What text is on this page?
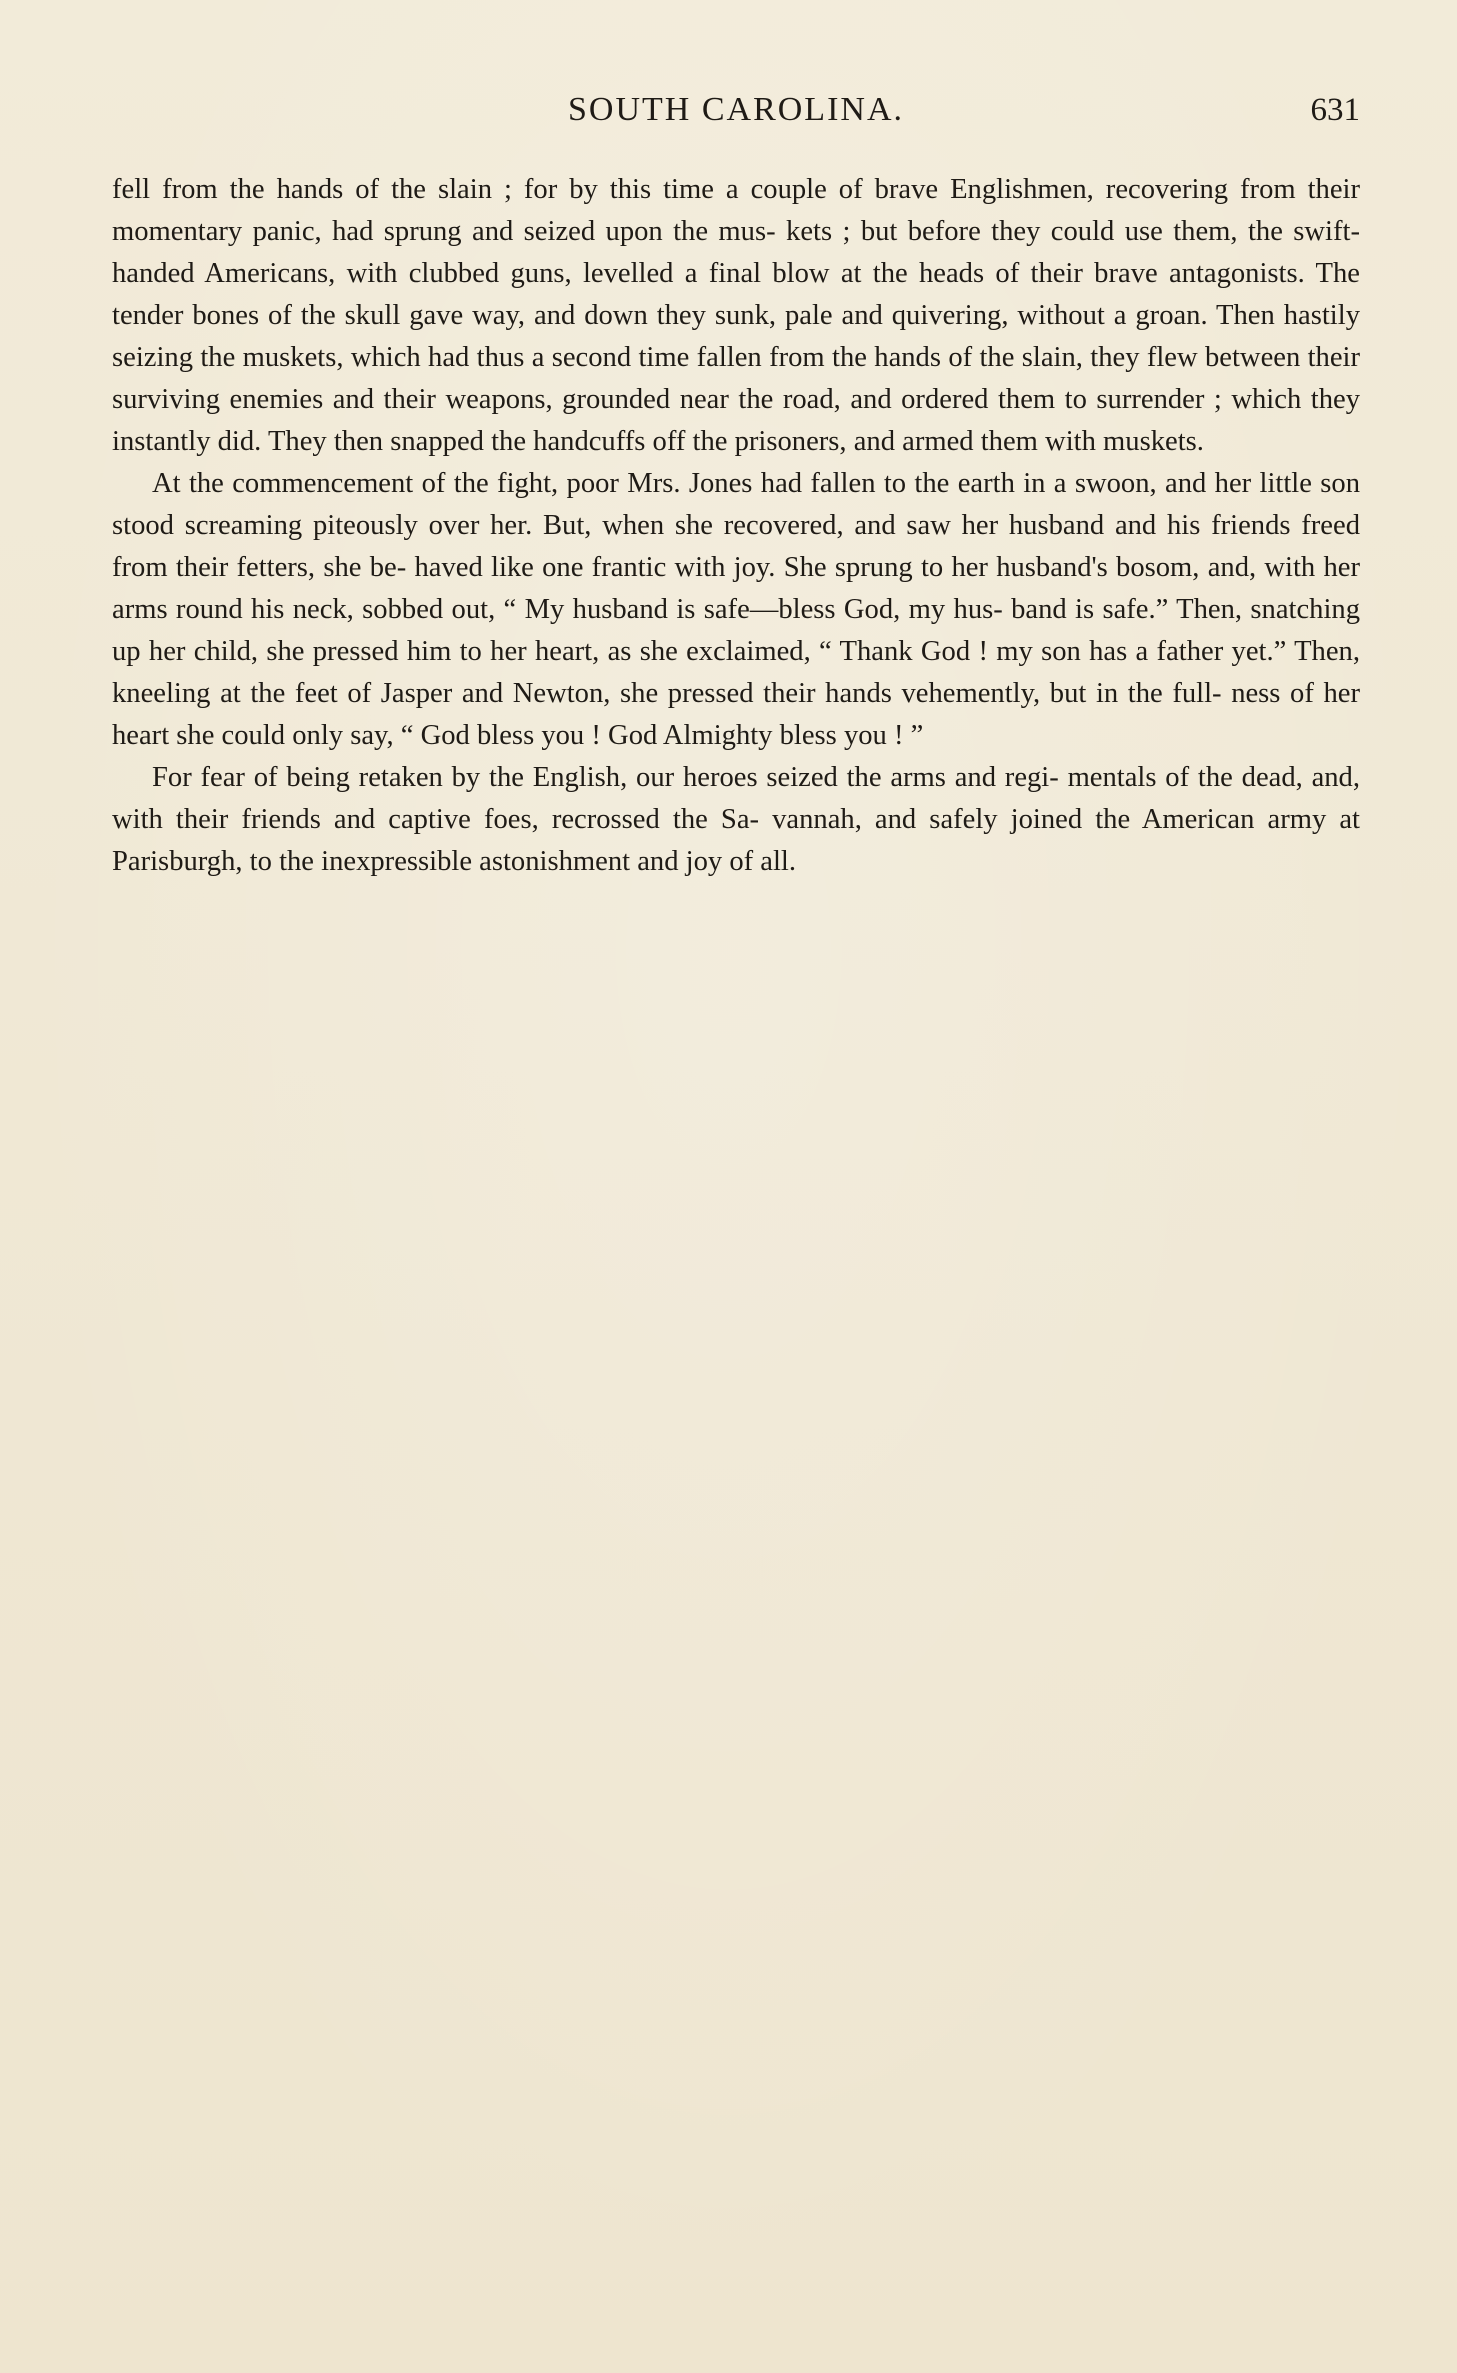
SOUTH CAROLINA.	631

fell from the hands of the slain ; for by this time a couple of brave Englishmen, recovering from their momentary panic, had sprung and seized upon the mus- kets ; but before they could use them, the swift-handed Americans, with clubbed guns, levelled a final blow at the heads of their brave antagonists. The tender bones of the skull gave way, and down they sunk, pale and quivering, without a groan. Then hastily seizing the muskets, which had thus a second time fallen from the hands of the slain, they flew between their surviving enemies and their weapons, grounded near the road, and ordered them to surrender ; which they instantly did. They then snapped the handcuffs off the prisoners, and armed them with muskets.

At the commencement of the fight, poor Mrs. Jones had fallen to the earth in a swoon, and her little son stood screaming piteously over her. But, when she recovered, and saw her husband and his friends freed from their fetters, she be- haved like one frantic with joy. She sprung to her husband's bosom, and, with her arms round his neck, sobbed out, “ My husband is safe—bless God, my hus- band is safe.” Then, snatching up her child, she pressed him to her heart, as she exclaimed, “ Thank God ! my son has a father yet.” Then, kneeling at the feet of Jasper and Newton, she pressed their hands vehemently, but in the full- ness of her heart she could only say, “ God bless you ! God Almighty bless you ! ”

For fear of being retaken by the English, our heroes seized the arms and regi- mentals of the dead, and, with their friends and captive foes, recrossed the Sa- vannah, and safely joined the American army at Parisburgh, to the inexpressible astonishment and joy of all.
